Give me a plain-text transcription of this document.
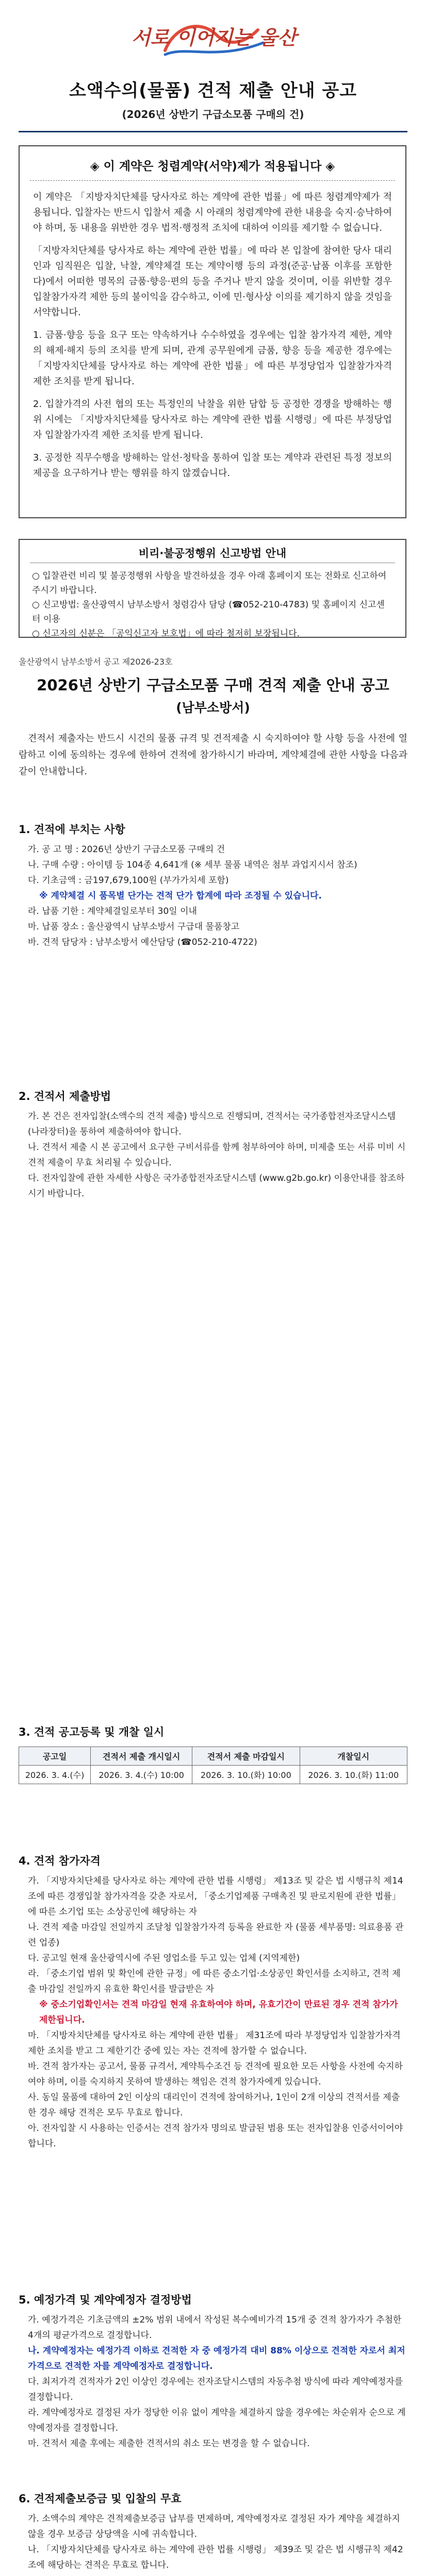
서로 이어지는 울산
소액수의(물품) 견적 제출 안내 공고
(2026년 상반기 구급소모품 구매의 건)
◈ 이 계약은 청렴계약(서약)제가 적용됩니다 ◈

이 계약은 「지방자치단체를 당사자로 하는 계약에 관한 법률」에 따른 청렴계약제가 적용됩니다. 입찰자는 반드시 입찰서 제출 시 아래의 청렴계약에 관한 내용을 숙지·승낙하여야 하며, 동 내용을 위반한 경우 법적·행정적 조치에 대하여 이의를 제기할 수 없습니다.

「지방자치단체를 당사자로 하는 계약에 관한 법률」에 따라 본 입찰에 참여한 당사 대리인과 임직원은 입찰, 낙찰, 계약체결 또는 계약이행 등의 과정(준공·납품 이후를 포함한다)에서 어떠한 명목의 금품·향응·편의 등을 주거나 받지 않을 것이며, 이를 위반할 경우 입찰참가자격 제한 등의 불이익을 감수하고, 이에 민·형사상 이의를 제기하지 않을 것임을 서약합니다.

1. 금품·향응 등을 요구 또는 약속하거나 수수하였을 경우에는 입찰 참가자격 제한, 계약의 해제·해지 등의 조치를 받게 되며, 관계 공무원에게 금품, 향응 등을 제공한 경우에는 「지방자치단체를 당사자로 하는 계약에 관한 법률」에 따른 부정당업자 입찰참가자격 제한 조치를 받게 됩니다.

2. 입찰가격의 사전 협의 또는 특정인의 낙찰을 위한 담합 등 공정한 경쟁을 방해하는 행위 시에는 「지방자치단체를 당사자로 하는 계약에 관한 법률 시행령」에 따른 부정당업자 입찰참가자격 제한 조치를 받게 됩니다.

3. 공정한 직무수행을 방해하는 알선·청탁을 통하여 입찰 또는 계약과 관련된 특정 정보의 제공을 요구하거나 받는 행위를 하지 않겠습니다.

비리·불공정행위 신고방법 안내
○ 입찰관련 비리 및 불공정행위 사항을 발견하셨을 경우 아래 홈페이지 또는 전화로 신고하여 주시기 바랍니다.
○ 신고방법: 울산광역시 남부소방서 청렴감사 담당 (☎052-210-4783) 및 홈페이지 신고센터 이용
○ 신고자의 신분은 「공익신고자 보호법」에 따라 철저히 보장됩니다.
울산광역시 남부소방서 공고 제2026-23호
2026년 상반기 구급소모품 구매 견적 제출 안내 공고
(남부소방서)
견적서 제출자는 반드시 시건의 물품 규격 및 견적제출 시 숙지하여야 할 사항 등을 사전에 열람하고 이에 동의하는 경우에 한하여 견적에 참가하시기 바라며, 계약체결에 관한 사항을 다음과 같이 안내합니다.
1. 견적에 부치는 사항

가. 공 고 명 : 2026년 상반기 구급소모품 구매의 건

나. 구매 수량 : 아이템 등 104종 4,641개 (※ 세부 물품 내역은 첨부 과업지시서 참조)

다. 기초금액 : 금197,679,100원 (부가가치세 포함)

※ 계약체결 시 품목별 단가는 견적 단가 합계에 따라 조정될 수 있습니다.

라. 납품 기한 : 계약체결일로부터 30일 이내

마. 납품 장소 : 울산광역시 남부소방서 구급대 물품창고

바. 견적 담당자 : 남부소방서 예산담당 (☎052-210-4722)

2. 견적서 제출방법

가. 본 건은 전자입찰(소액수의 견적 제출) 방식으로 진행되며, 견적서는 국가종합전자조달시스템(나라장터)을 통하여 제출하여야 합니다.

나. 견적서 제출 시 본 공고에서 요구한 구비서류를 함께 첨부하여야 하며, 미제출 또는 서류 미비 시 견적 제출이 무효 처리될 수 있습니다.

다. 전자입찰에 관한 자세한 사항은 국가종합전자조달시스템 (www.g2b.go.kr) 이용안내를 참조하시기 바랍니다.

3. 견적 공고등록 및 개찰 일시
공고일	견적서 제출 개시일시	견적서 제출 마감일시	개찰일시
2026. 3. 4.(수)	2026. 3. 4.(수) 10:00	2026. 3. 10.(화) 10:00	2026. 3. 10.(화) 11:00
4. 견적 참가자격

가. 「지방자치단체를 당사자로 하는 계약에 관한 법률 시행령」 제13조 및 같은 법 시행규칙 제14조에 따른 경쟁입찰 참가자격을 갖춘 자로서, 「중소기업제품 구매촉진 및 판로지원에 관한 법률」에 따른 소기업 또는 소상공인에 해당하는 자

나. 견적 제출 마감일 전일까지 조달청 입찰참가자격 등록을 완료한 자 (물품 세부품명: 의료용품 관련 업종)

다. 공고일 현재 울산광역시에 주된 영업소를 두고 있는 업체 (지역제한)

라. 「중소기업 범위 및 확인에 관한 규정」에 따른 중소기업·소상공인 확인서를 소지하고, 견적 제출 마감일 전일까지 유효한 확인서를 발급받은 자

※ 중소기업확인서는 견적 마감일 현재 유효하여야 하며, 유효기간이 만료된 경우 견적 참가가 제한됩니다.

마. 「지방자치단체를 당사자로 하는 계약에 관한 법률」 제31조에 따라 부정당업자 입찰참가자격 제한 조치를 받고 그 제한기간 중에 있는 자는 견적에 참가할 수 없습니다.

바. 견적 참가자는 공고서, 물품 규격서, 계약특수조건 등 견적에 필요한 모든 사항을 사전에 숙지하여야 하며, 이를 숙지하지 못하여 발생하는 책임은 견적 참가자에게 있습니다.

사. 동일 물품에 대하여 2인 이상의 대리인이 견적에 참여하거나, 1인이 2개 이상의 견적서를 제출한 경우 해당 견적은 모두 무효로 합니다.

아. 전자입찰 시 사용하는 인증서는 견적 참가자 명의로 발급된 범용 또는 전자입찰용 인증서이어야 합니다.

5. 예정가격 및 계약예정자 결정방법

가. 예정가격은 기초금액의 ±2% 범위 내에서 작성된 복수예비가격 15개 중 견적 참가자가 추첨한 4개의 평균가격으로 결정합니다.

나. 계약예정자는 예정가격 이하로 견적한 자 중 예정가격 대비 88% 이상으로 견적한 자로서 최저가격으로 견적한 자를 계약예정자로 결정합니다.

다. 최저가격 견적자가 2인 이상인 경우에는 전자조달시스템의 자동추첨 방식에 따라 계약예정자를 결정합니다.

라. 계약예정자로 결정된 자가 정당한 이유 없이 계약을 체결하지 않을 경우에는 차순위자 순으로 계약예정자를 결정합니다.

마. 견적서 제출 후에는 제출한 견적서의 취소 또는 변경을 할 수 없습니다.

6. 견적제출보증금 및 입찰의 무효

가. 소액수의 계약은 견적제출보증금 납부를 면제하며, 계약예정자로 결정된 자가 계약을 체결하지 않을 경우 보증금 상당액을 시에 귀속합니다.

나. 「지방자치단체를 당사자로 하는 계약에 관한 법률 시행령」 제39조 및 같은 법 시행규칙 제42조에 해당하는 견적은 무효로 합니다.
